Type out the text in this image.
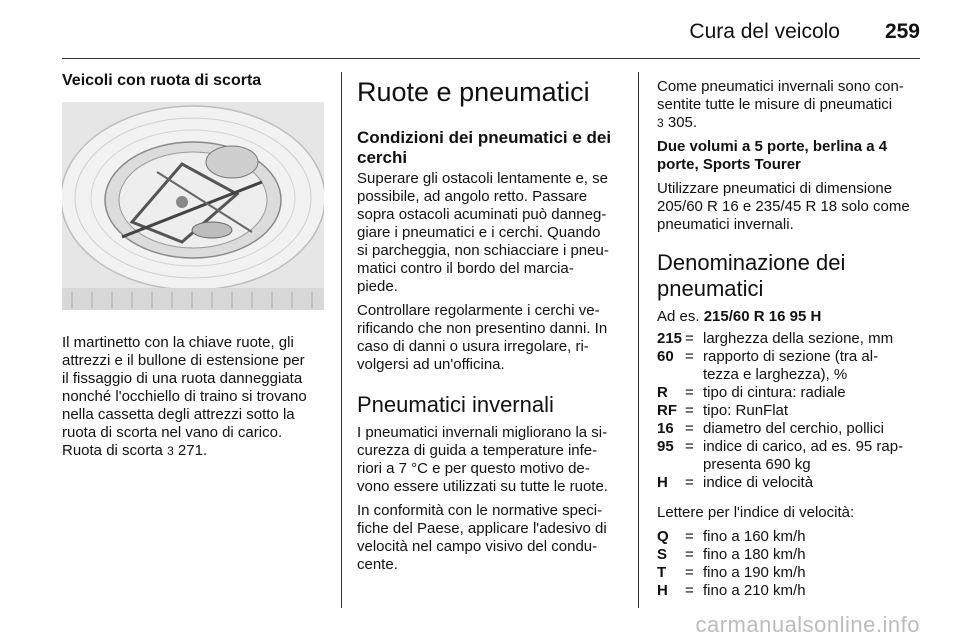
Cura del veicolo 259
Veicoli con ruota di scorta

Il martinetto con la chiave ruote, gli
attrezzi e il bullone di estensione per
il fissaggio di una ruota danneggiata
nonché l'occhiello di traino si trovano
nella cassetta degli attrezzi sotto la
ruota di scorta nel vano di carico.
Ruota di scorta 3 271.

Ruote e pneumatici
Condizioni dei pneumatici e dei cerchi

Superare gli ostacoli lentamente e, se
possibile, ad angolo retto. Passare
sopra ostacoli acuminati può danneg-
giare i pneumatici e i cerchi. Quando
si parcheggia, non schiacciare i pneu-
matici contro il bordo del marcia-
piede.

Controllare regolarmente i cerchi ve-
rificando che non presentino danni. In
caso di danni o usura irregolare, ri-
volgersi ad un'officina.

Pneumatici invernali

I pneumatici invernali migliorano la si-
curezza di guida a temperature infe-
riori a 7 °C e per questo motivo de-
vono essere utilizzati su tutte le ruote.

In conformità con le normative speci-
fiche del Paese, applicare l'adesivo di
velocità nel campo visivo del condu-
cente.

Come pneumatici invernali sono con-
sentite tutte le misure di pneumatici
3 305.

Due volumi a 5 porte, berlina a 4
porte, Sports Tourer

Utilizzare pneumatici di dimensione
205/60 R 16 e 235/45 R 18 solo come
pneumatici invernali.

Denominazione dei
pneumatici

Ad es. 215/60 R 16 95 H

215	=	larghezza della sezione, mm
60	=	rapporto di sezione (tra al-
tezza e larghezza), %
R	=	tipo di cintura: radiale
RF	=	tipo: RunFlat
16	=	diametro del cerchio, pollici
95	=	indice di carico, ad es. 95 rap-
presenta 690 kg
H	=	indice di velocità

Lettere per l'indice di velocità:

Q	=	fino a 160 km/h
S	=	fino a 180 km/h
T	=	fino a 190 km/h
H	=	fino a 210 km/h
carmanualsonline.info
